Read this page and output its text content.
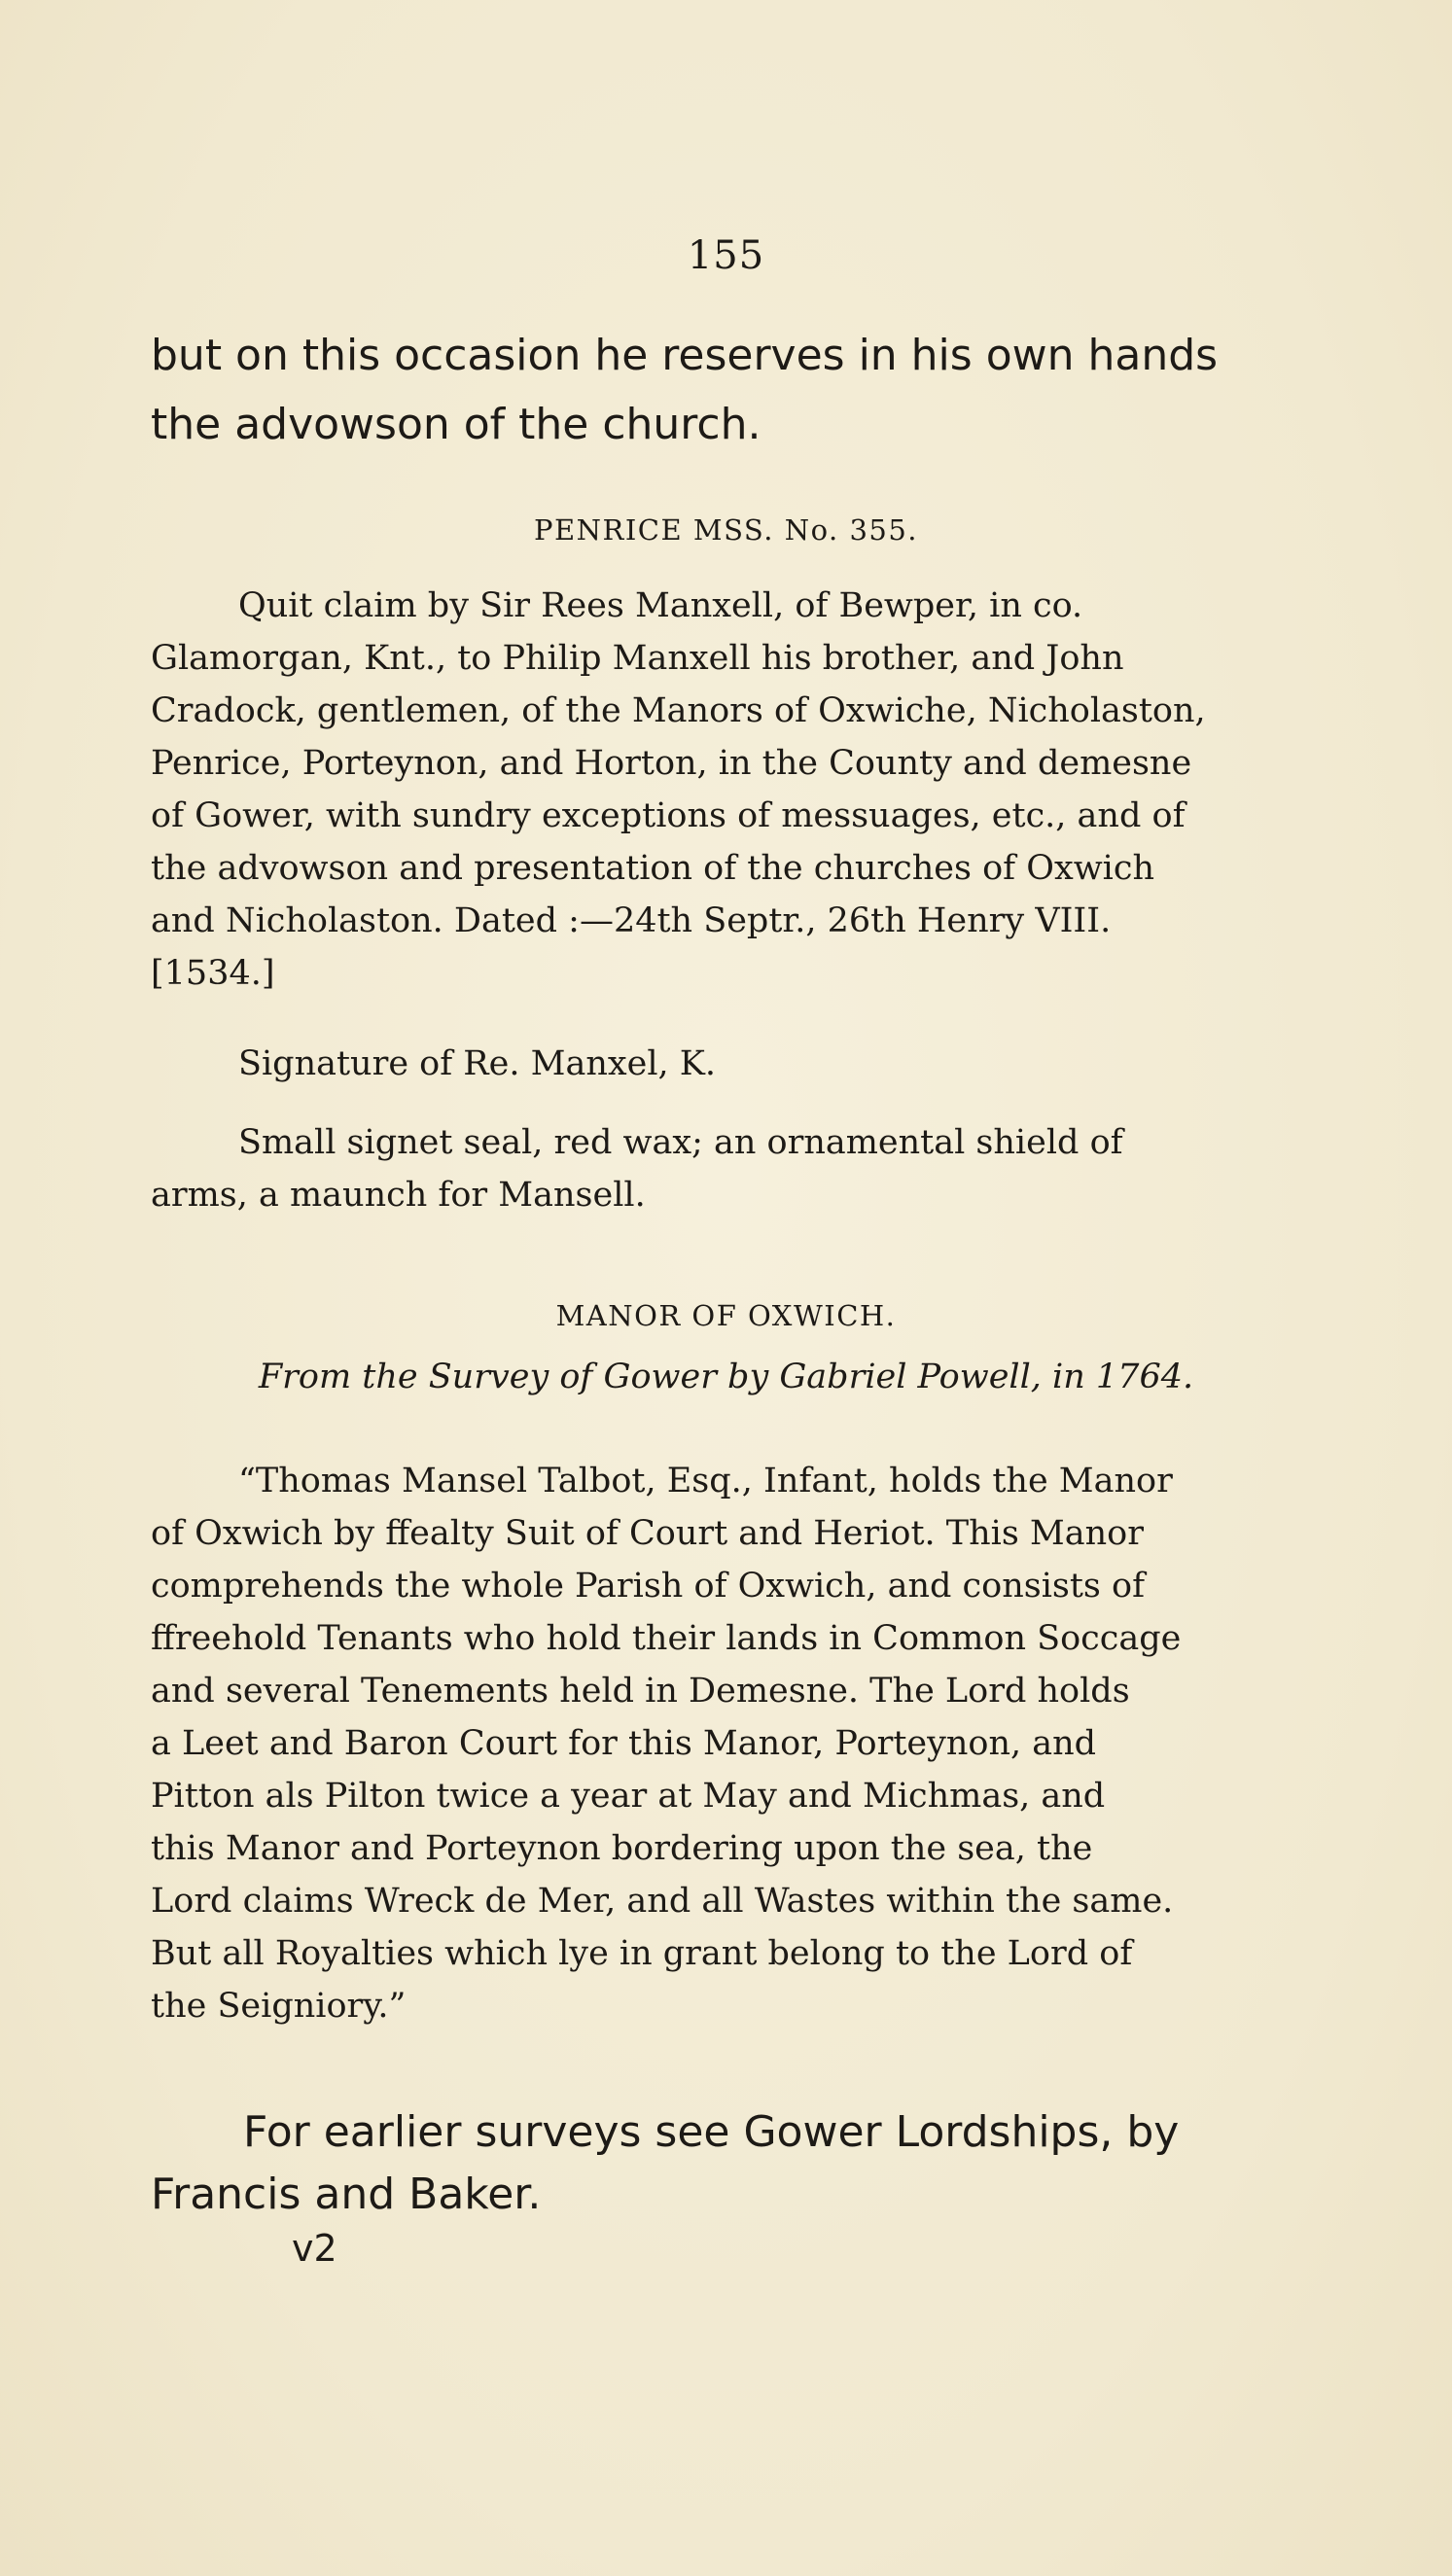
155

but on this occasion he reserves in his own hands
the advowson of the church.

PENRICE MSS. No. 355.

Quit claim by Sir Rees Manxell, of Bewper, in co.
Glamorgan, Knt., to Philip Manxell his brother, and John
Cradock, gentlemen, of the Manors of Oxwiche, Nicholaston,
Penrice, Porteynon, and Horton, in the County and demesne
of Gower, with sundry exceptions of messuages, etc., and of
the advowson and presentation of the churches of Oxwich
and Nicholaston. Dated :—24th Septr., 26th Henry VIII.
[1534.]

Signature of Re. Manxel, K.

Small signet seal, red wax; an ornamental shield of
arms, a maunch for Mansell.

MANOR OF OXWICH.

From the Survey of Gower by Gabriel Powell, in 1764.

“Thomas Mansel Talbot, Esq., Infant, holds the Manor
of Oxwich by ffealty Suit of Court and Heriot. This Manor
comprehends the whole Parish of Oxwich, and consists of
ffreehold Tenants who hold their lands in Common Soccage
and several Tenements held in Demesne. The Lord holds
a Leet and Baron Court for this Manor, Porteynon, and
Pitton als Pilton twice a year at May and Michmas, and
this Manor and Porteynon bordering upon the sea, the
Lord claims Wreck de Mer, and all Wastes within the same.
But all Royalties which lye in grant belong to the Lord of
the Seigniory.”

For earlier surveys see Gower Lordships, by
Francis and Baker.

v2
